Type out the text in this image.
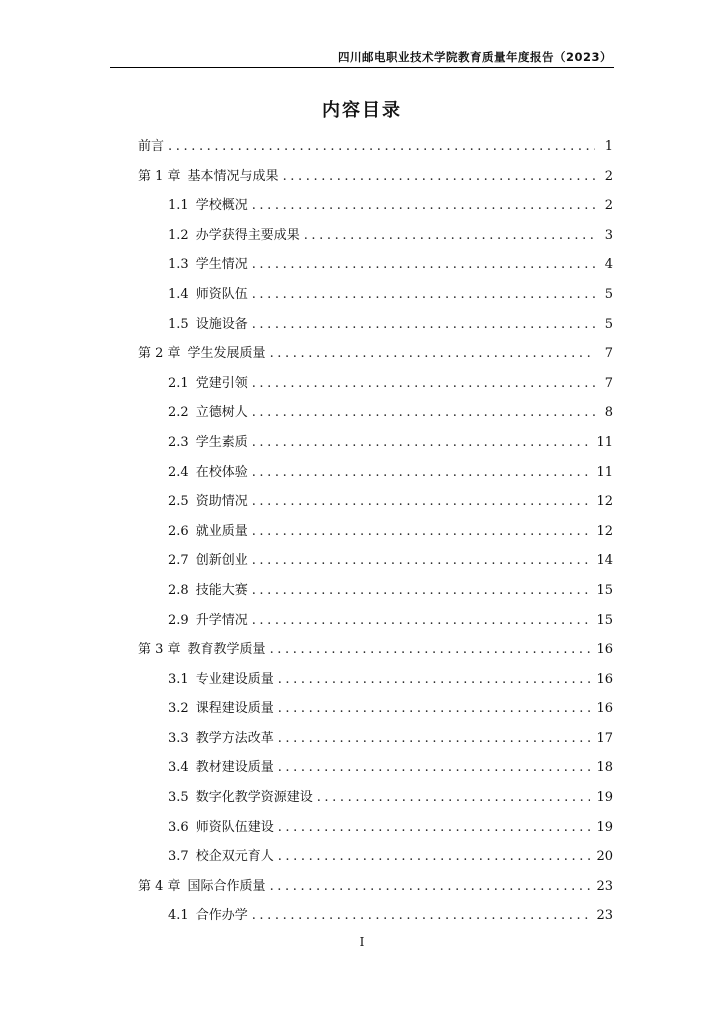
四川邮电职业技术学院教育质量年度报告（2023）
内容目录
前言 .....	1
第 1 章 基本情况与成果 .....	2
1.1 学校概况 .....	2
1.2 办学获得主要成果 .....	3
1.3 学生情况 .....	4
1.4 师资队伍 .....	5
1.5 设施设备 .....	5
第 2 章 学生发展质量 .....	7
2.1 党建引领 .....	7
2.2 立德树人 .....	8
2.3 学生素质 .....	11
2.4 在校体验 .....	11
2.5 资助情况 .....	12
2.6 就业质量 .....	12
2.7 创新创业 .....	14
2.8 技能大赛 .....	15
2.9 升学情况 .....	15
第 3 章 教育教学质量 .....	16
3.1 专业建设质量 .....	16
3.2 课程建设质量 .....	16
3.3 教学方法改革 .....	17
3.4 教材建设质量 .....	18
3.5 数字化教学资源建设 .....	19
3.6 师资队伍建设 .....	19
3.7 校企双元育人 .....	20
第 4 章 国际合作质量 .....	23
4.1 合作办学 .....	23
I
